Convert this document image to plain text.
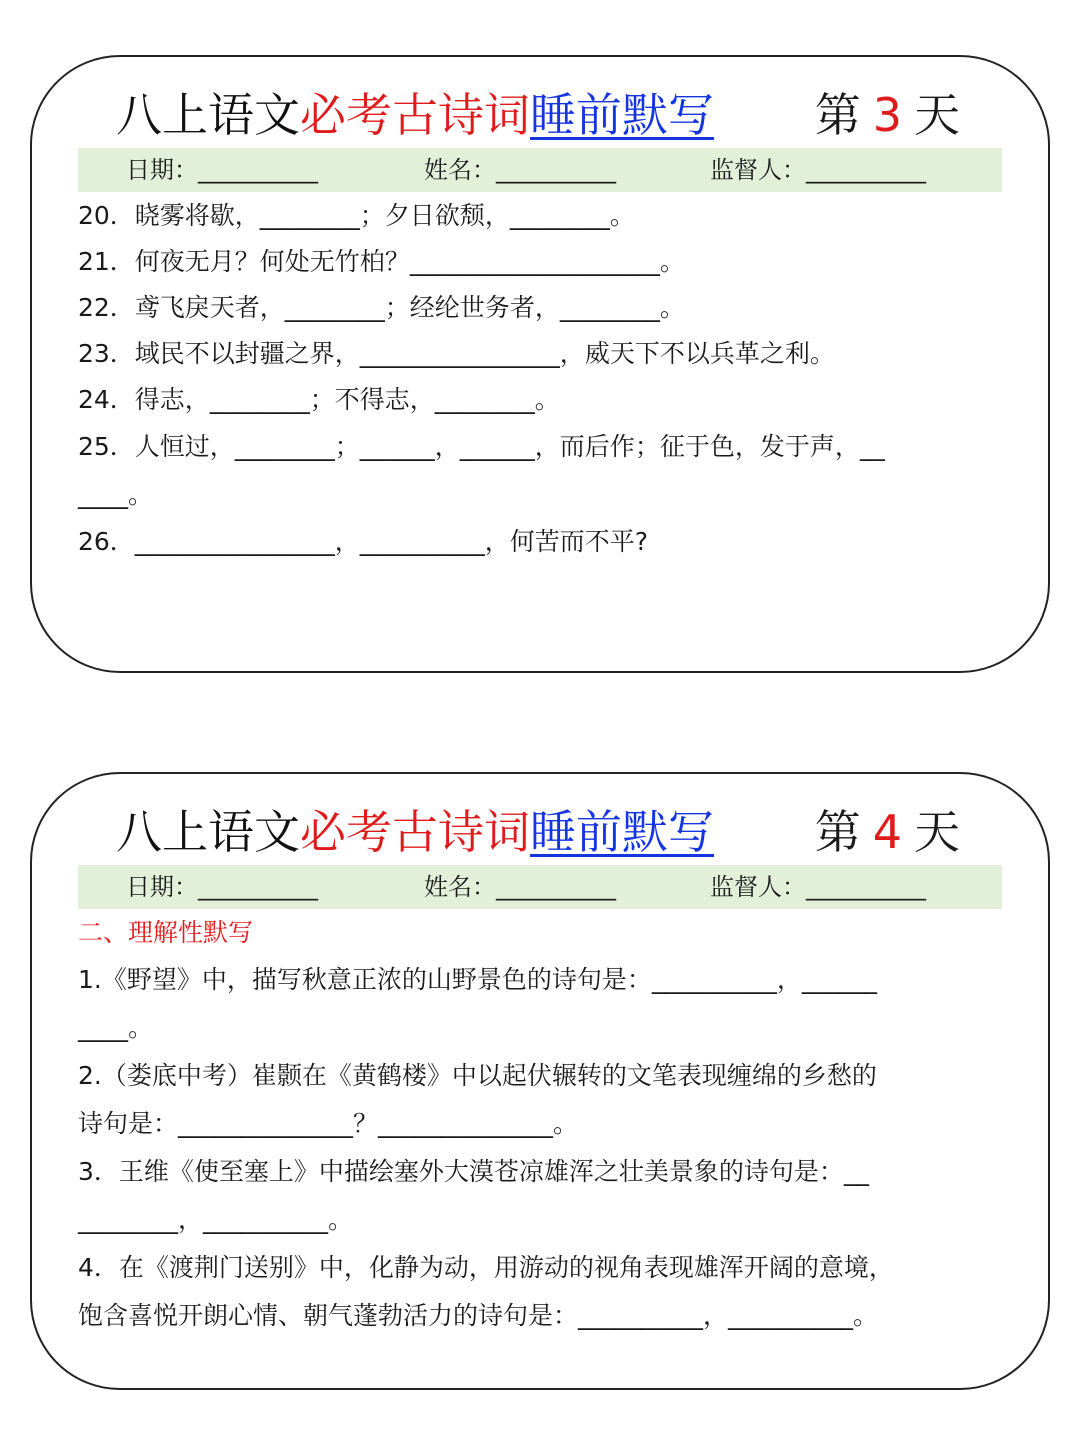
八上语文必考古诗词睡前默写 第 3 天
日期：__________	姓名：__________	监督人：__________
20．晓雾将歇，________；夕日欲颓，________。
21．何夜无月？何处无竹柏？____________________。
22．鸢飞戾天者，________；经纶世务者，________。
23．域民不以封疆之界，________________，威天下不以兵革之利。
24．得志，________；不得志，________。
25．人恒过，________；______，______，而后作；征于色，发于声，__
____。
26．________________，__________，何苦而不平?
八上语文必考古诗词睡前默写 第 4 天
日期：__________	姓名：__________	监督人：__________
二、理解性默写
1.《野望》中，描写秋意正浓的山野景色的诗句是：__________，______
____。
2.（娄底中考）崔颢在《黄鹤楼》中以起伏辗转的文笔表现缠绵的乡愁的
诗句是：______________？______________。
3．王维《使至塞上》中描绘塞外大漠苍凉雄浑之壮美景象的诗句是：__
________，__________。
4．在《渡荆门送别》中，化静为动，用游动的视角表现雄浑开阔的意境，
饱含喜悦开朗心情、朝气蓬勃活力的诗句是：__________，__________。
